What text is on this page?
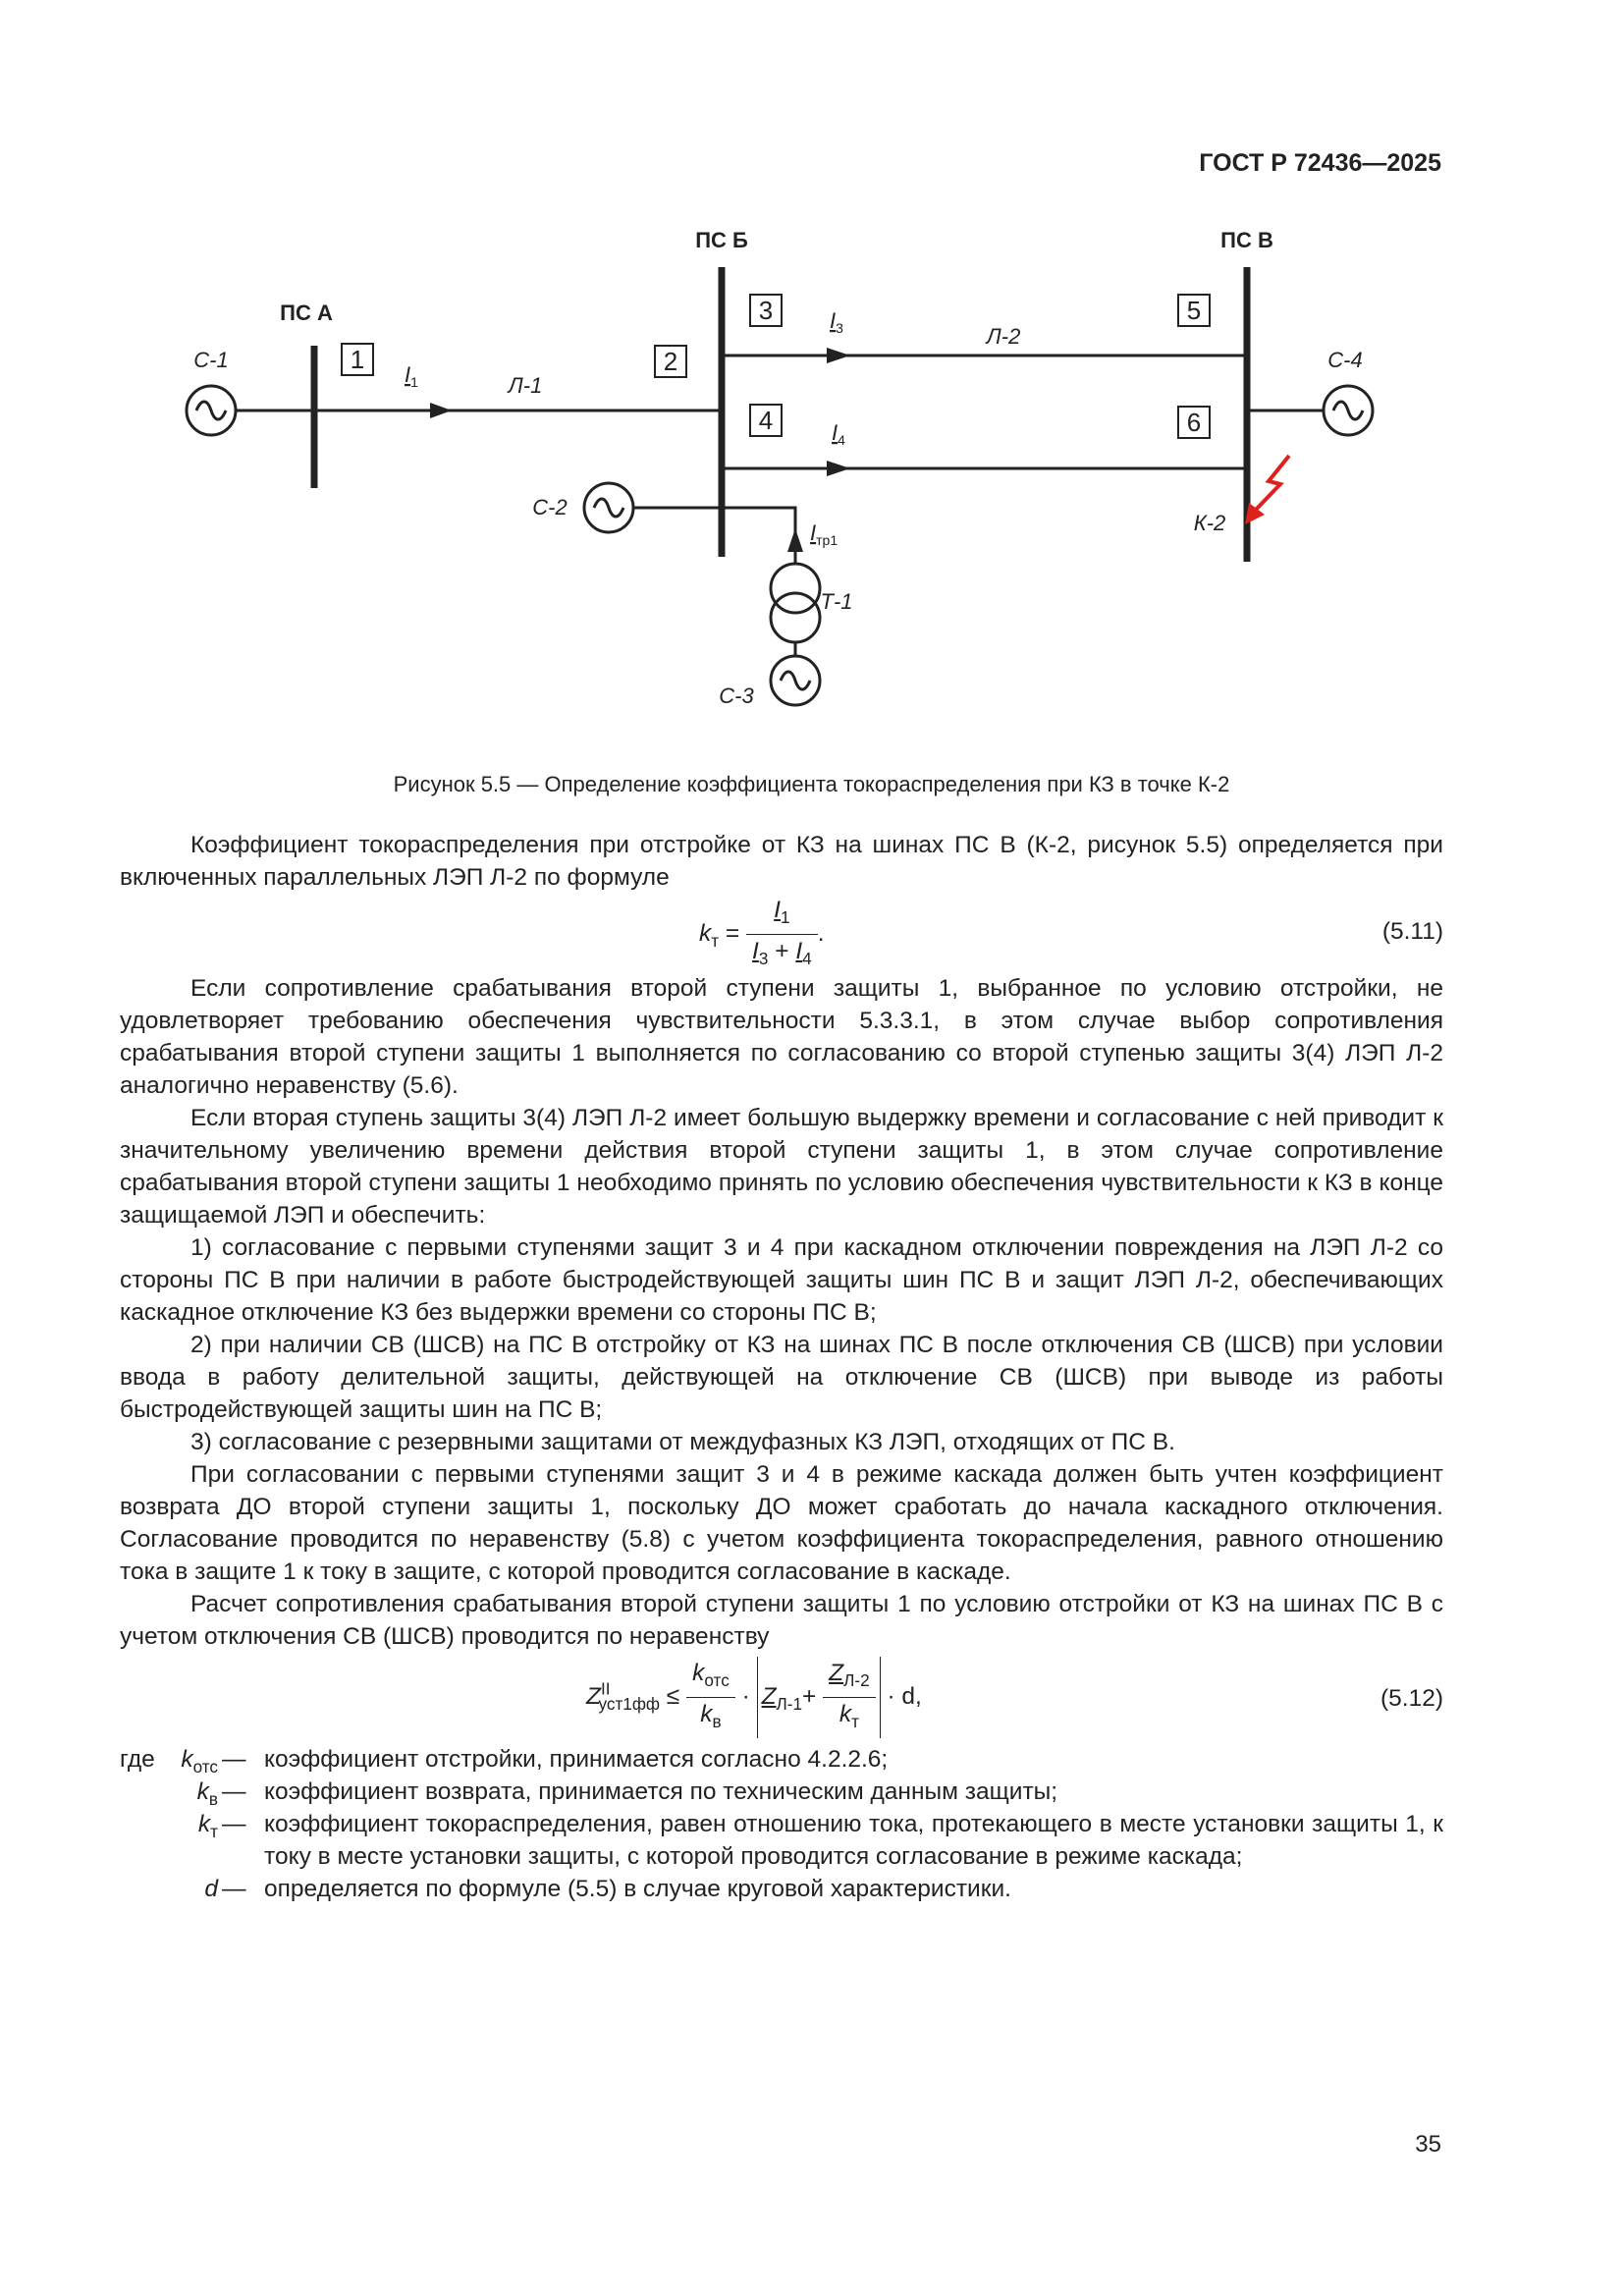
ГОСТ Р 72436—2025
1	2
3
4
5
6
ПС А
ПС Б	ПС В
С-1
С-2
С-3
С-4
Л-1
Л-2
$I_1$
$I_3$
$I_4$
$I_{тр1}$
Т-1
К-2
Рисунок 5.5 — Определение коэффициента токораспределения при КЗ в точке К-2

Коэффициент токораспределения при отстройке от КЗ на шинах ПС В (К-2, рисунок 5.5) определяется при включенных параллельных ЛЭП Л-2 по формуле

$k_т = \frac{I_1}{I_3 + I_4}$ .	(5.11)

Если сопротивление срабатывания второй ступени защиты 1, выбранное по условию отстройки, не удовлетворяет требованию обеспечения чувствительности 5.3.3.1, в этом случае выбор сопротивления срабатывания второй ступени защиты 1 выполняется по согласованию со второй ступенью защиты 3(4) ЛЭП Л-2 аналогично неравенству (5.6).

Если вторая ступень защиты 3(4) ЛЭП Л-2 имеет большую выдержку времени и согласование с ней приводит к значительному увеличению времени действия второй ступени защиты 1, в этом случае сопротивление срабатывания второй ступени защиты 1 необходимо принять по условию обеспечения чувствительности к КЗ в конце защищаемой ЛЭП и обеспечить:

1) согласование с первыми ступенями защит 3 и 4 при каскадном отключении повреждения на ЛЭП Л-2 со стороны ПС В при наличии в работе быстродействующей защиты шин ПС В и защит ЛЭП Л-2, обеспечивающих каскадное отключение КЗ без выдержки времени со стороны ПС В;

2) при наличии СВ (ШСВ) на ПС В отстройку от КЗ на шинах ПС В после отключения СВ (ШСВ) при условии ввода в работу делительной защиты, действующей на отключение СВ (ШСВ) при выводе из работы быстродействующей защиты шин на ПС В;

3) согласование с резервными защитами от междуфазных КЗ ЛЭП, отходящих от ПС В.

При согласовании с первыми ступенями защит 3 и 4 в режиме каскада должен быть учтен коэффициент возврата ДО второй ступени защиты 1, поскольку ДО может сработать до начала каскадного отключения. Согласование проводится по неравенству (5.8) с учетом коэффициента токораспределения, равного отношению тока в защите 1 к току в защите, с которой проводится согласование в каскаде.

Расчет сопротивления срабатывания второй ступени защиты 1 по условию отстройки от КЗ на шинах ПС В с учетом отключения СВ (ШСВ) проводится по неравенству

$Z^{II}_{уст1фф} \le \frac{k_{отс}}{k_в} \cdot Z_{Л-1}+ \frac{Z_{Л-2}}{k_т} \cdot d$,	(5.12)
где	$k_{отс}$ — коэффициент отстройки, принимается согласно 4.2.2.6;
$k_в$ — коэффициент возврата, принимается по техническим данным защиты;
$k_т$ — коэффициент токораспределения, равен отношению тока, протекающего в месте установки защиты 1, к току в месте установки защиты, с которой проводится согласование в режиме каскада;
d — определяется по формуле (5.5) в случае круговой характеристики.
35
